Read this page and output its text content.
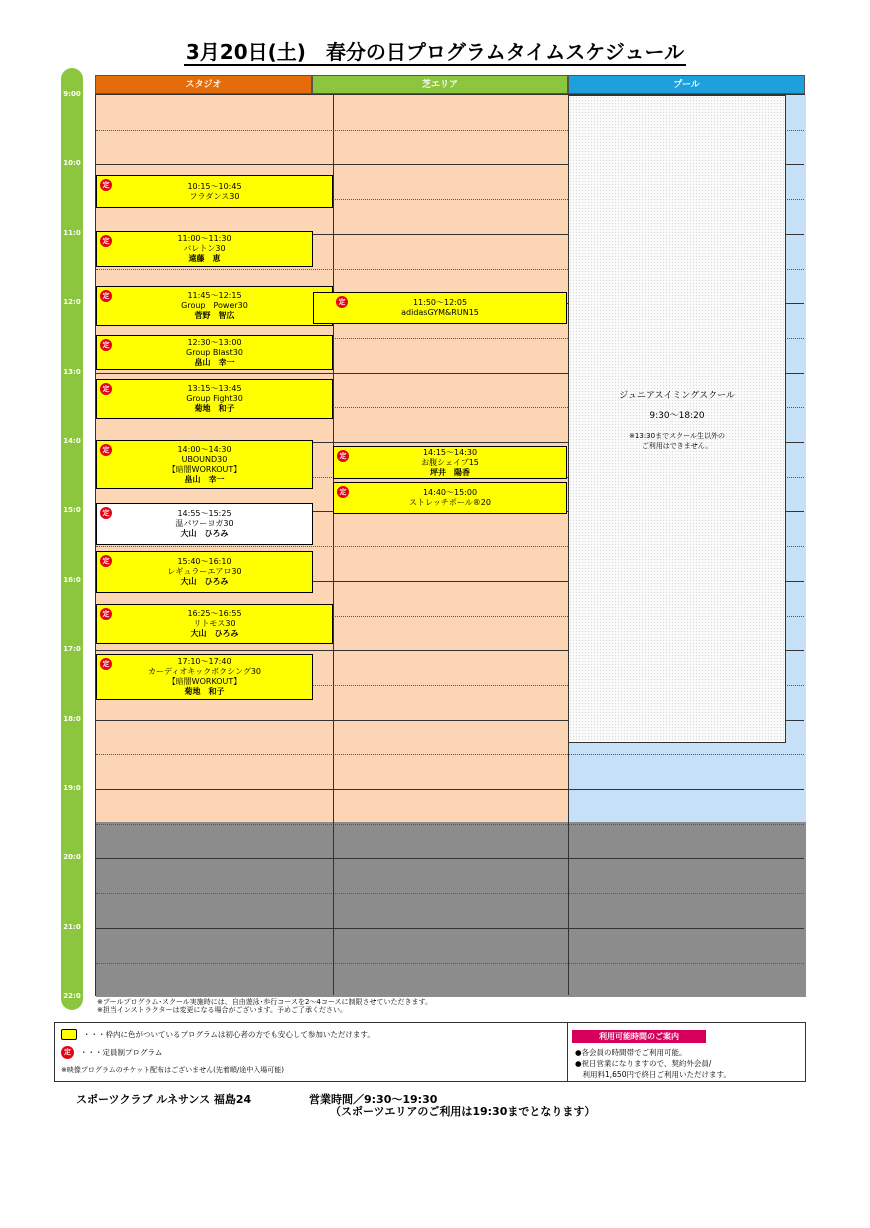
3月20日(土)　春分の日プログラムタイムスケジュール
9:00
10:0
11:0
12:0
13:0
14:0
15:0
16:0
17:0
18:0
19:0
20:0
21:0
22:0
スタジオ	芝エリア	プール
ジュニアスイミングスクール
9:30～18:20
※13:30までスクール生以外の
ご利用はできません。
定	10:15～10:45
フラダンス30
定	11:00～11:30
バレトン30
遠藤　恵
定	11:45～12:15
Group　Power30
菅野　智広
定	12:30～13:00
Group Blast30
畠山　幸一
定	13:15～13:45
Group Fight30
菊地　和子
定	14:00～14:30
UBOUND30
【暗闇WORKOUT】
畠山　幸一
定	14:55～15:25
温パワーヨガ30
大山　ひろみ
定	15:40～16:10
レギュラーエアロ30
大山　ひろみ
定	16:25～16:55
リトモス30
大山　ひろみ
定	17:10～17:40
カーディオキックボクシング30
【暗闇WORKOUT】
菊地　和子
定	11:50～12:05
adidasGYM&RUN15
定	14:15～14:30
お腹シェイプ15
坪井　陽香
定	14:40～15:00
ストレッチポール®20
※プールプログラム･スクール実施時には、自由遊泳･歩行コースを2～4コースに制限させていただきます。
※担当インストラクターは変更になる場合がございます。予めご了承ください。
・・・枠内に色がついているプログラムは初心者の方でも安心して参加いただけます。
定	・・・定員制プログラム
※映像プログラムのチケット配布はございません(先着順/途中入場可能)
利用可能時間のご案内
●各会員の時間帯でご利用可能。
●祝日営業になりますので、契約外会員/
　利用料1,650円で終日ご利用いただけます。
スポーツクラブ ルネサンス 福島24	営業時間／9:30～19:30
（スポーツエリアのご利用は19:30までとなります）
